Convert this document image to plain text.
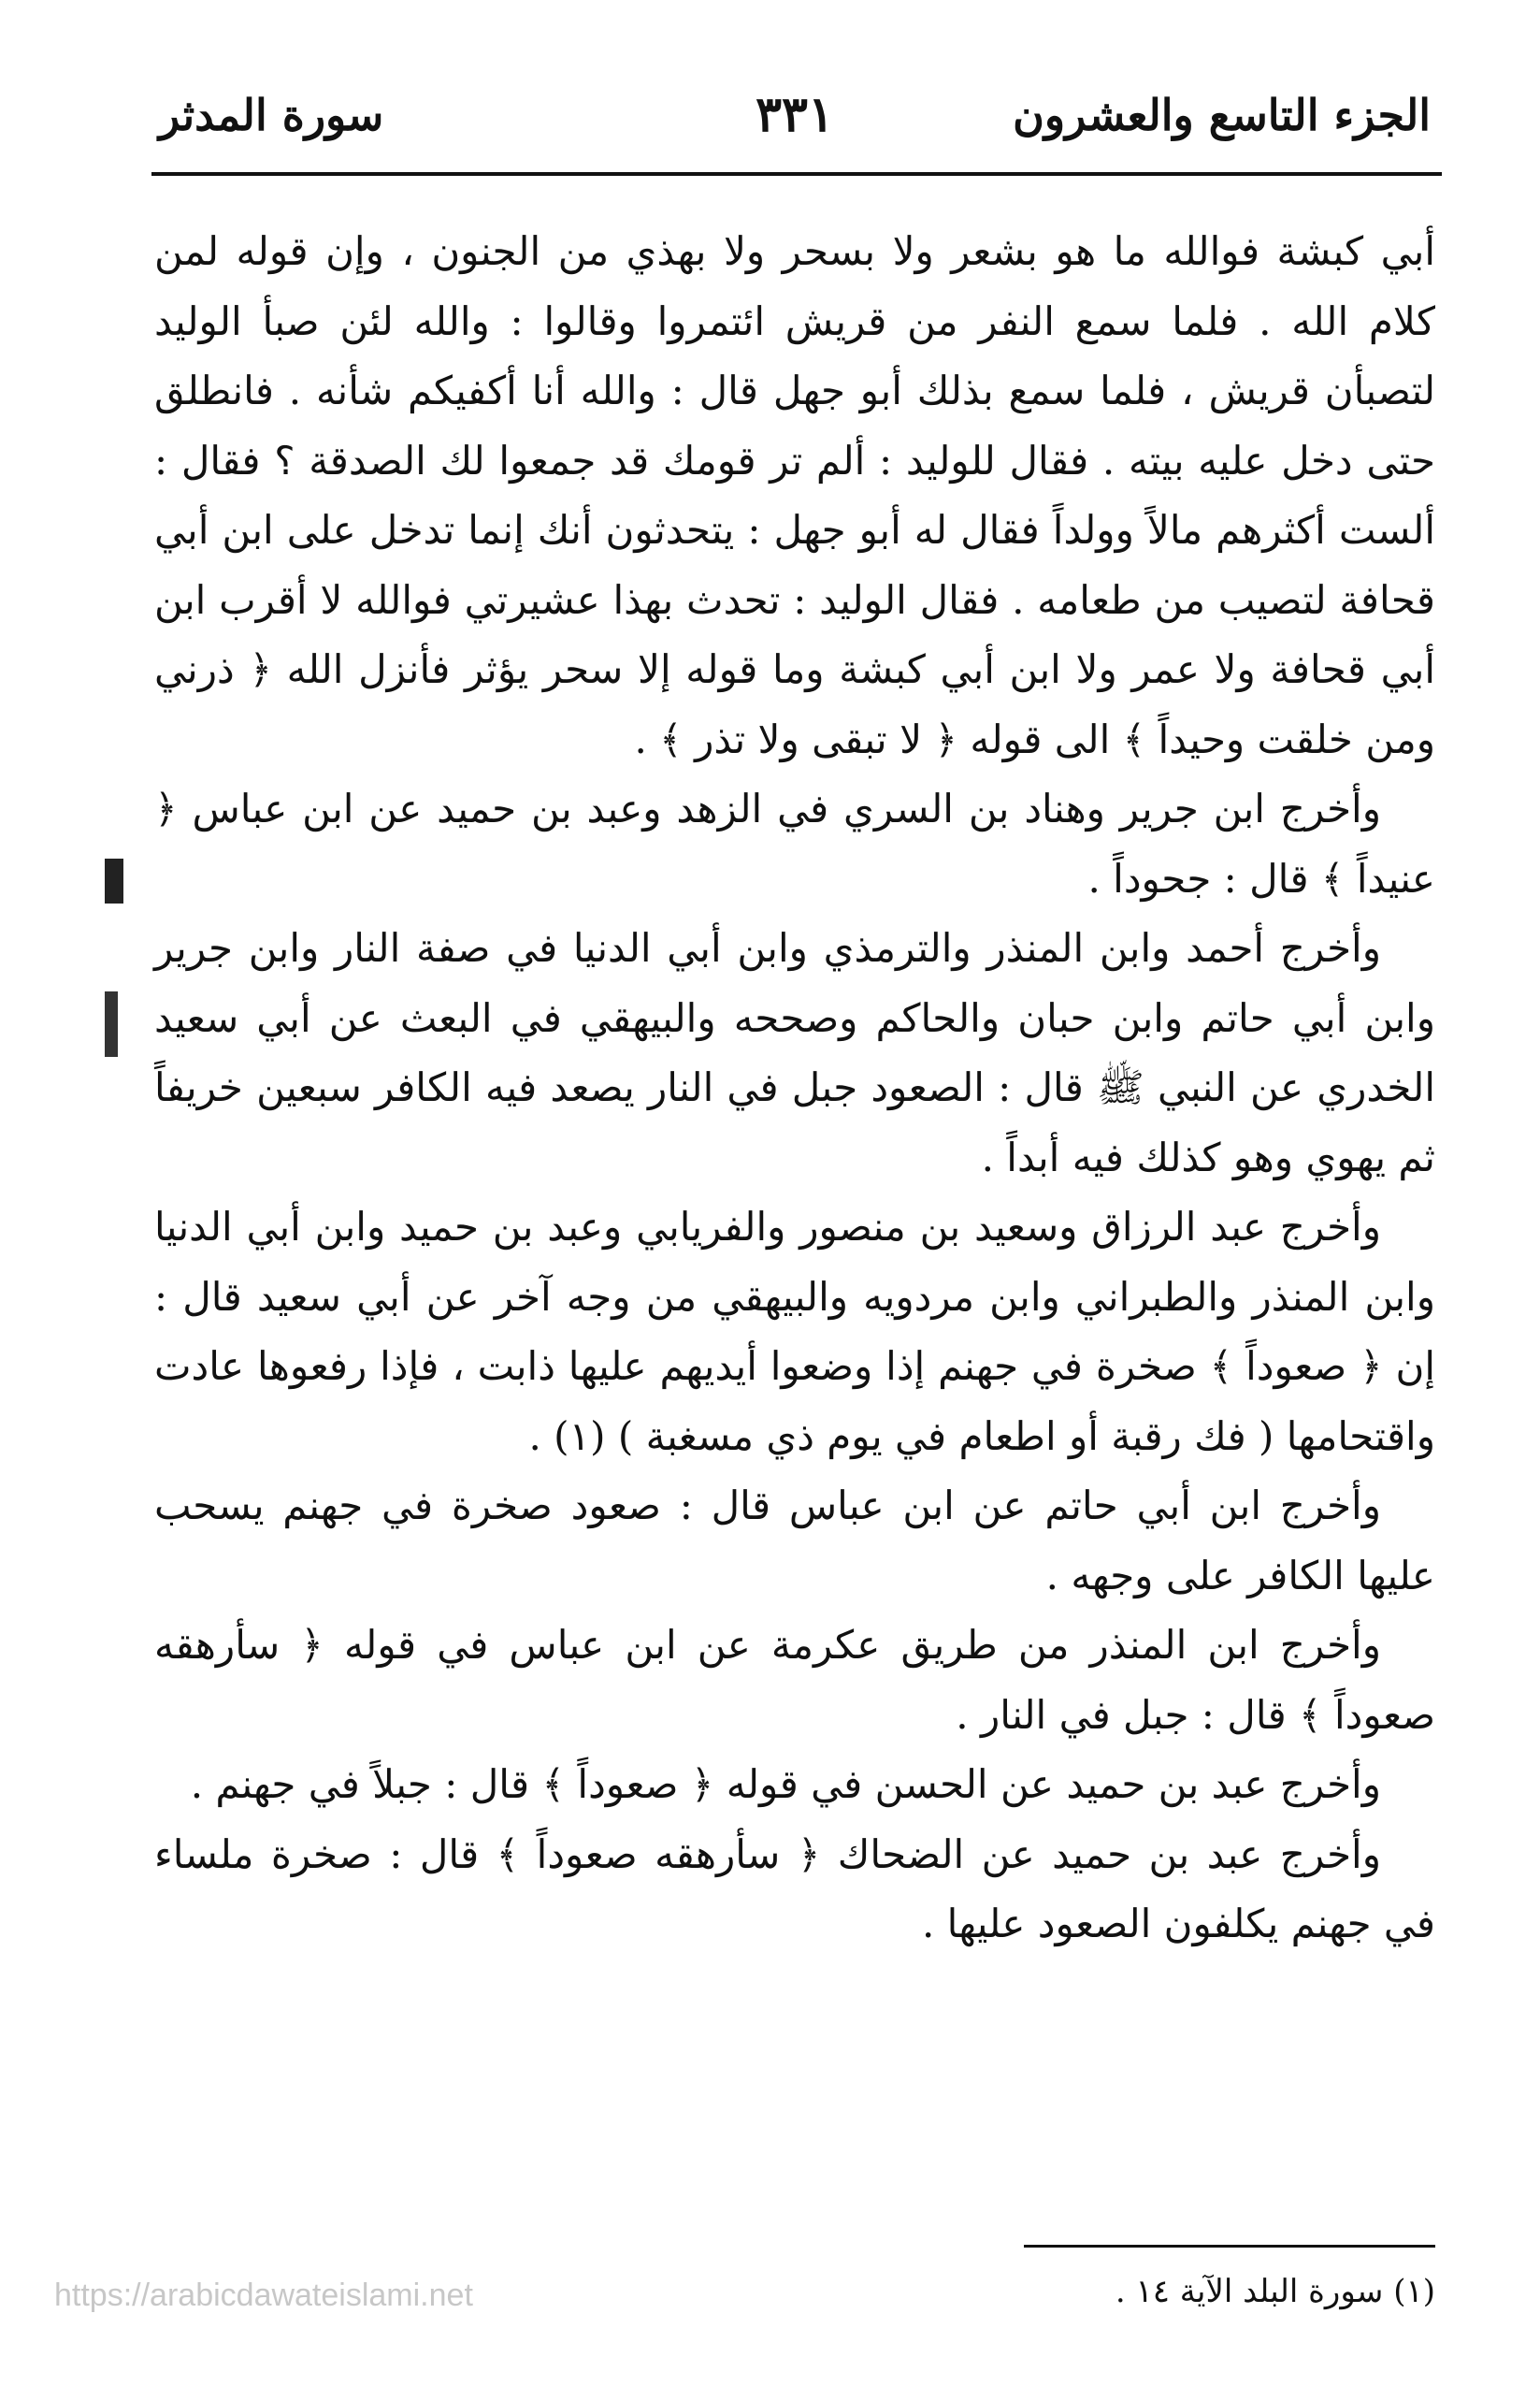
الجزء التاسع والعشرون
٣٣١
سورة المدثر

أبي كبشة فوالله ما هو بشعر ولا بسحر ولا بهذي من الجنون ، وإن قوله لمن كلام الله . فلما سمع النفر من قريش ائتمروا وقالوا : والله لئن صبأ الوليد لتصبأن قريش ، فلما سمع بذلك أبو جهل قال : والله أنا أكفيكم شأنه . فانطلق حتى دخل عليه بيته . فقال للوليد : ألم تر قومك قد جمعوا لك الصدقة ؟ فقال : ألست أكثرهم مالاً وولداً فقال له أبو جهل : يتحدثون أنك إنما تدخل على ابن أبي قحافة لتصيب من طعامه . فقال الوليد : تحدث بهذا عشيرتي فوالله لا أقرب ابن أبي قحافة ولا عمر ولا ابن أبي كبشة وما قوله إلا سحر يؤثر فأنزل الله ﴿ ذرني ومن خلقت وحيداً ﴾ الى قوله ﴿ لا تبقى ولا تذر ﴾ .

وأخرج ابن جرير وهناد بن السري في الزهد وعبد بن حميد عن ابن عباس ﴿ عنيداً ﴾ قال : جحوداً .

وأخرج أحمد وابن المنذر والترمذي وابن أبي الدنيا في صفة النار وابن جرير وابن أبي حاتم وابن حبان والحاكم وصححه والبيهقي في البعث عن أبي سعيد الخدري عن النبي ﷺ قال : الصعود جبل في النار يصعد فيه الكافر سبعين خريفاً ثم يهوي وهو كذلك فيه أبداً .

وأخرج عبد الرزاق وسعيد بن منصور والفريابي وعبد بن حميد وابن أبي الدنيا وابن المنذر والطبراني وابن مردويه والبيهقي من وجه آخر عن أبي سعيد قال : إن ﴿ صعوداً ﴾ صخرة في جهنم إذا وضعوا أيديهم عليها ذابت ، فإذا رفعوها عادت واقتحامها ( فك رقبة أو اطعام في يوم ذي مسغبة ) (١) .

وأخرج ابن أبي حاتم عن ابن عباس قال : صعود صخرة في جهنم يسحب عليها الكافر على وجهه .

وأخرج ابن المنذر من طريق عكرمة عن ابن عباس في قوله ﴿ سأرهقه صعوداً ﴾ قال : جبل في النار .

وأخرج عبد بن حميد عن الحسن في قوله ﴿ صعوداً ﴾ قال : جبلاً في جهنم .

وأخرج عبد بن حميد عن الضحاك ﴿ سأرهقه صعوداً ﴾ قال : صخرة ملساء في جهنم يكلفون الصعود عليها .

(١) سورة البلد الآية ١٤ .
https://arabicdawateislami.net
